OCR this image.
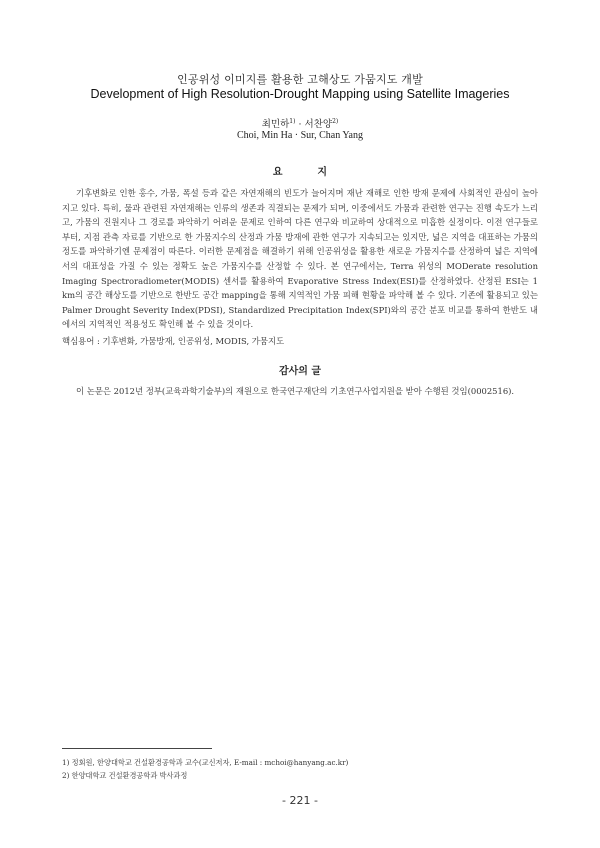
인공위성 이미지를 활용한 고해상도 가뭄지도 개발
Development of High Resolution-Drought Mapping using Satellite Imageries
최민하$^{1)}$ · 서찬양$^{2)}$
Choi, Min Ha · Sur, Chan Yang
요          지
기후변화로 인한 홍수, 가뭄, 폭설 등과 같은 자연재해의 빈도가 늘어지며 재난 재해로 인한 방재 문제에 사회적인 관심이 높아지고 있다. 특히, 물과 관련된 자연재해는 인류의 생존과 직결되는 문제가 되며, 이중에서도 가뭄과 관련한 연구는 진행 속도가 느리고, 가뭄의 진원지나 그 경로를 파악하기 어려운 문제로 인하여 다른 연구와 비교하여 상대적으로 미흡한 실정이다. 이전 연구들로부터, 지점 관측 자료를 기반으로 한 가뭄지수의 산정과 가뭄 방재에 관한 연구가 지속되고는 있지만, 넓은 지역을 대표하는 가뭄의 정도를 파악하기엔 문제점이 따른다. 이러한 문제점을 해결하기 위해 인공위성을 활용한 새로운 가뭄지수를 산정하여 넓은 지역에서의 대표성을 가질 수 있는 정확도 높은 가뭄지수를 산정할 수 있다. 본 연구에서는, Terra 위성의 MODerate resolution Imaging Spectroradiometer(MODIS) 센서를 활용하여 Evaporative Stress Index(ESI)를 산정하였다. 산정된 ESI는 1 km의 공간 해상도를 기반으로 한반도 공간 mapping을 통해 지역적인 가뭄 피해 현황을 파악해 볼 수 있다. 기존에 활용되고 있는 Palmer Drought Severity Index(PDSI), Standardized Precipitation Index(SPI)와의 공간 분포 비교를 통하여 한반도 내에서의 지역적인 적용성도 확인해 볼 수 있을 것이다.
핵심용어 : 기후변화, 가뭄방재, 인공위성, MODIS, 가뭄지도
감사의 글
이 논문은 2012년 정부(교육과학기술부)의 재원으로 한국연구재단의 기초연구사업지원을 받아 수행된 것임(0002516).
1) 정회원, 한양대학교 건설환경공학과 교수(교신저자, E-mail : mchoi@hanyang.ac.kr)
2) 한양대학교 건설환경공학과 박사과정
- 221 -
